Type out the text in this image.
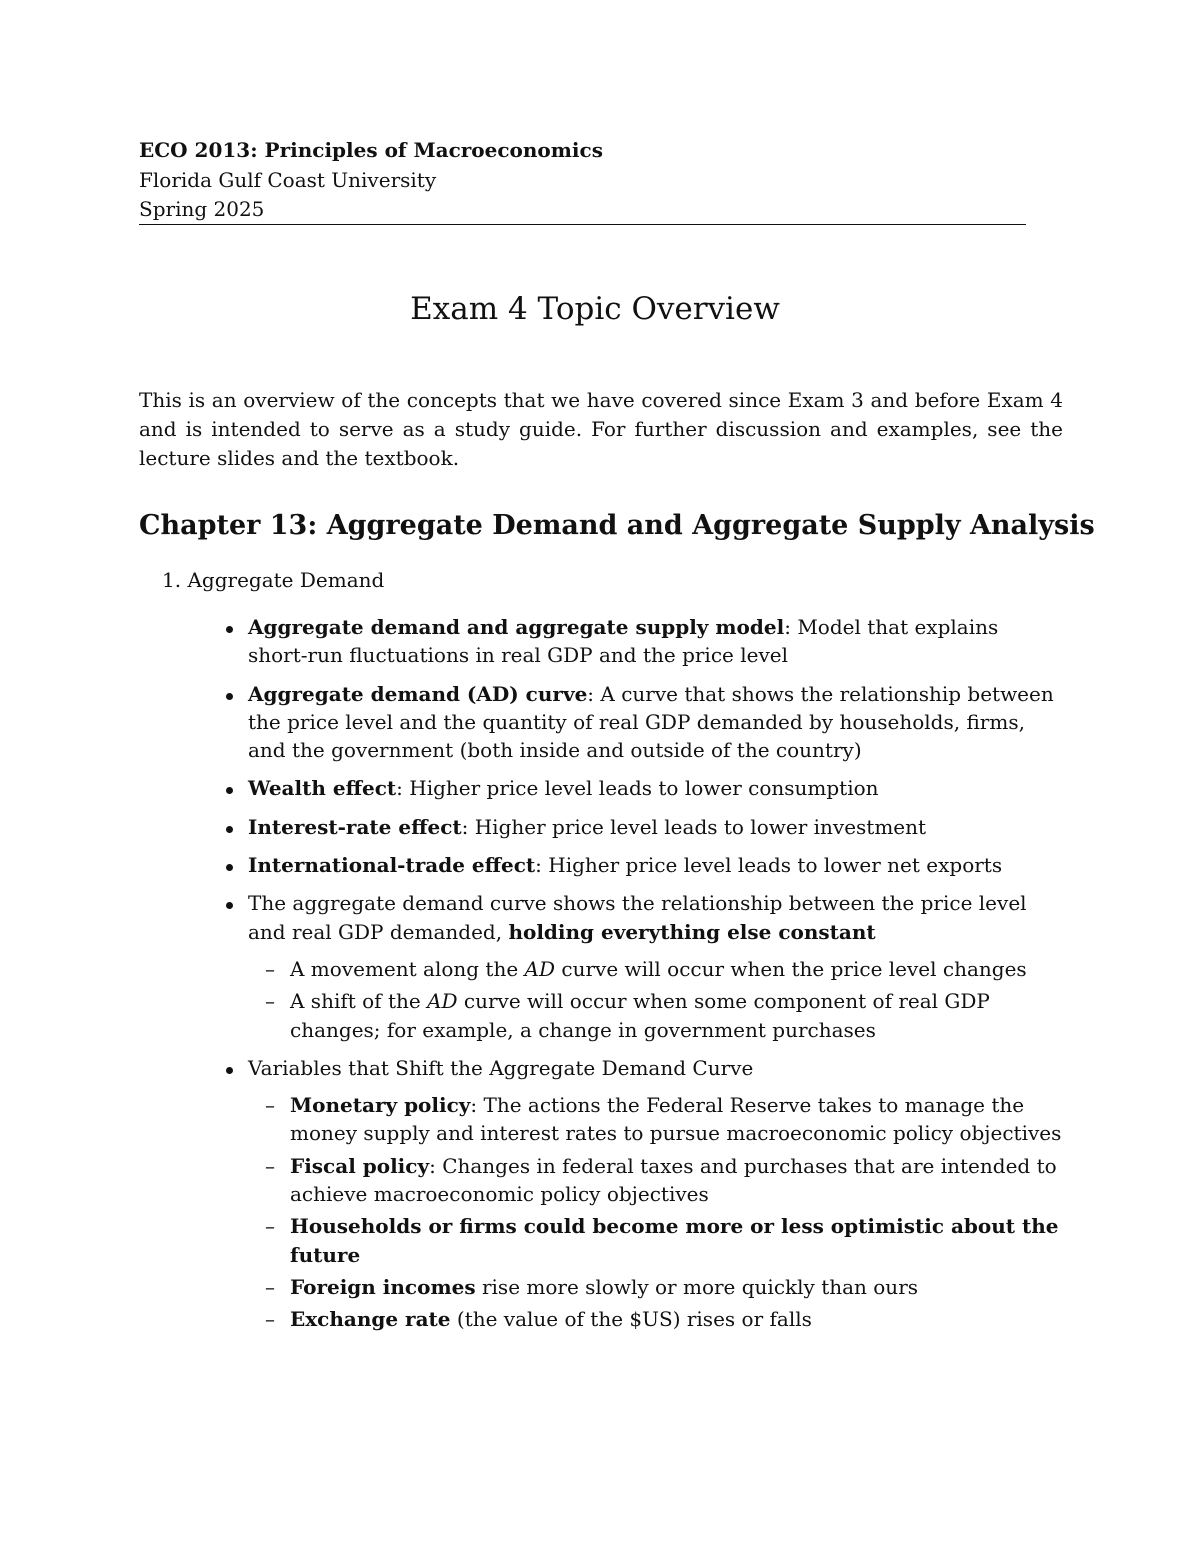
ECO 2013: Principles of Macroeconomics
Florida Gulf Coast University
Spring 2025
Exam 4 Topic Overview
This is an overview of the concepts that we have covered since Exam 3 and before Exam 4 and is intended to serve as a study guide. For further discussion and examples, see the lecture slides and the textbook.
Chapter 13: Aggregate Demand and Aggregate Supply Analysis
1. Aggregate Demand
Aggregate demand and aggregate supply model: Model that explains short-run fluctuations in real GDP and the price level
Aggregate demand (AD) curve: A curve that shows the relationship between the price level and the quantity of real GDP demanded by households, firms, and the government (both inside and outside of the country)
Wealth effect: Higher price level leads to lower consumption
Interest-rate effect: Higher price level leads to lower investment
International-trade effect: Higher price level leads to lower net exports
The aggregate demand curve shows the relationship between the price level and real GDP demanded, holding everything else constant
– A movement along the AD curve will occur when the price level changes
– A shift of the AD curve will occur when some component of real GDP changes; for example, a change in government purchases
Variables that Shift the Aggregate Demand Curve
– Monetary policy: The actions the Federal Reserve takes to manage the money supply and interest rates to pursue macroeconomic policy objectives
– Fiscal policy: Changes in federal taxes and purchases that are intended to achieve macroeconomic policy objectives
– Households or firms could become more or less optimistic about the future
– Foreign incomes rise more slowly or more quickly than ours
– Exchange rate (the value of the $US) rises or falls
